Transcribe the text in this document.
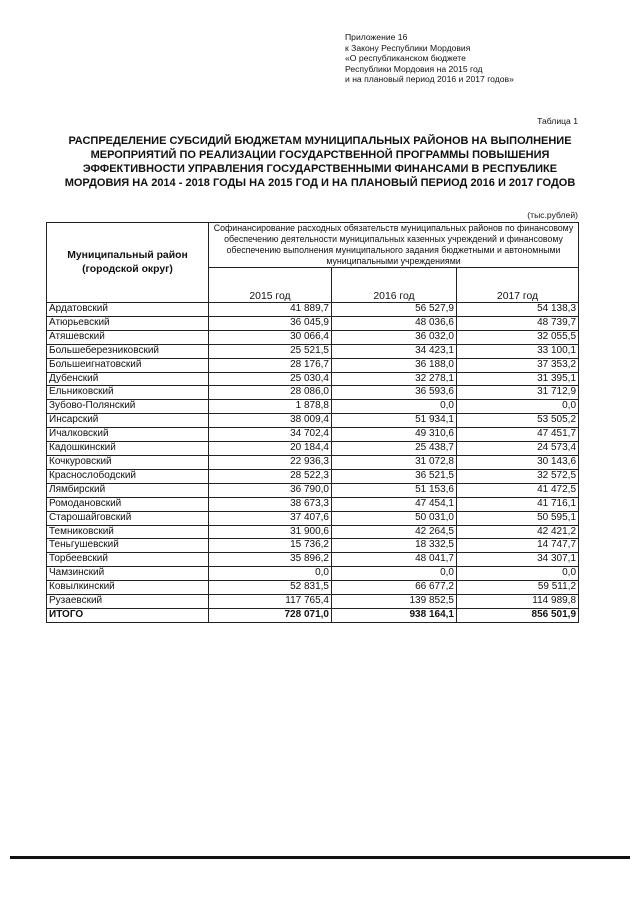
Приложение 16
к Закону Республики Мордовия
«О республиканском бюджете
Республики Мордовия на 2015 год
и на плановый период 2016 и 2017 годов»
Таблица 1
РАСПРЕДЕЛЕНИЕ СУБСИДИЙ БЮДЖЕТАМ МУНИЦИПАЛЬНЫХ РАЙОНОВ НА ВЫПОЛНЕНИЕ МЕРОПРИЯТИЙ ПО РЕАЛИЗАЦИИ ГОСУДАРСТВЕННОЙ ПРОГРАММЫ ПОВЫШЕНИЯ ЭФФЕКТИВНОСТИ УПРАВЛЕНИЯ ГОСУДАРСТВЕННЫМИ ФИНАНСАМИ В РЕСПУБЛИКЕ МОРДОВИЯ НА 2014 - 2018 ГОДЫ НА 2015 ГОД И НА ПЛАНОВЫЙ ПЕРИОД 2016 И 2017 ГОДОВ
(тыс.рублей)
Муниципальный район (городской округ)	Софинансирование расходных обязательств муниципальных районов по финансовому обеспечению деятельности муниципальных казенных учреждений и финансовому обеспечению выполнения муниципального задания бюджетными и автономными муниципальными учреждениями		
	2015 год	2016 год	2017 год
Ардатовский	41 889,7	56 527,9	54 138,3
Атюрьевский	36 045,9	48 036,6	48 739,7
Атяшевский	30 066,4	36 032,0	32 055,5
Большеберезниковский	25 521,5	34 423,1	33 100,1
Большеигнатовский	28 176,7	36 188,0	37 353,2
Дубенский	25 030,4	32 278,1	31 395,1
Ельниковский	28 086,0	36 593,6	31 712,9
Зубово-Полянский	1 878,8	0,0	0,0
Инсарский	38 009,4	51 934,1	53 505,2
Ичалковский	34 702,4	49 310,6	47 451,7
Кадошкинский	20 184,4	25 438,7	24 573,4
Кочкуровский	22 936,3	31 072,8	30 143,6
Краснослободский	28 522,3	36 521,5	32 572,5
Лямбирский	36 790,0	51 153,6	41 472,5
Ромодановский	38 673,3	47 454,1	41 716,1
Старошайговский	37 407,6	50 031,0	50 595,1
Темниковский	31 900,6	42 264,5	42 421,2
Теньгушевский	15 736,2	18 332,5	14 747,7
Торбеевский	35 896,2	48 041,7	34 307,1
Чамзинский	0,0	0,0	0,0
Ковылкинский	52 831,5	66 677,2	59 511,2
Рузаевский	117 765,4	139 852,5	114 989,8
ИТОГО	728 071,0	938 164,1	856 501,9
